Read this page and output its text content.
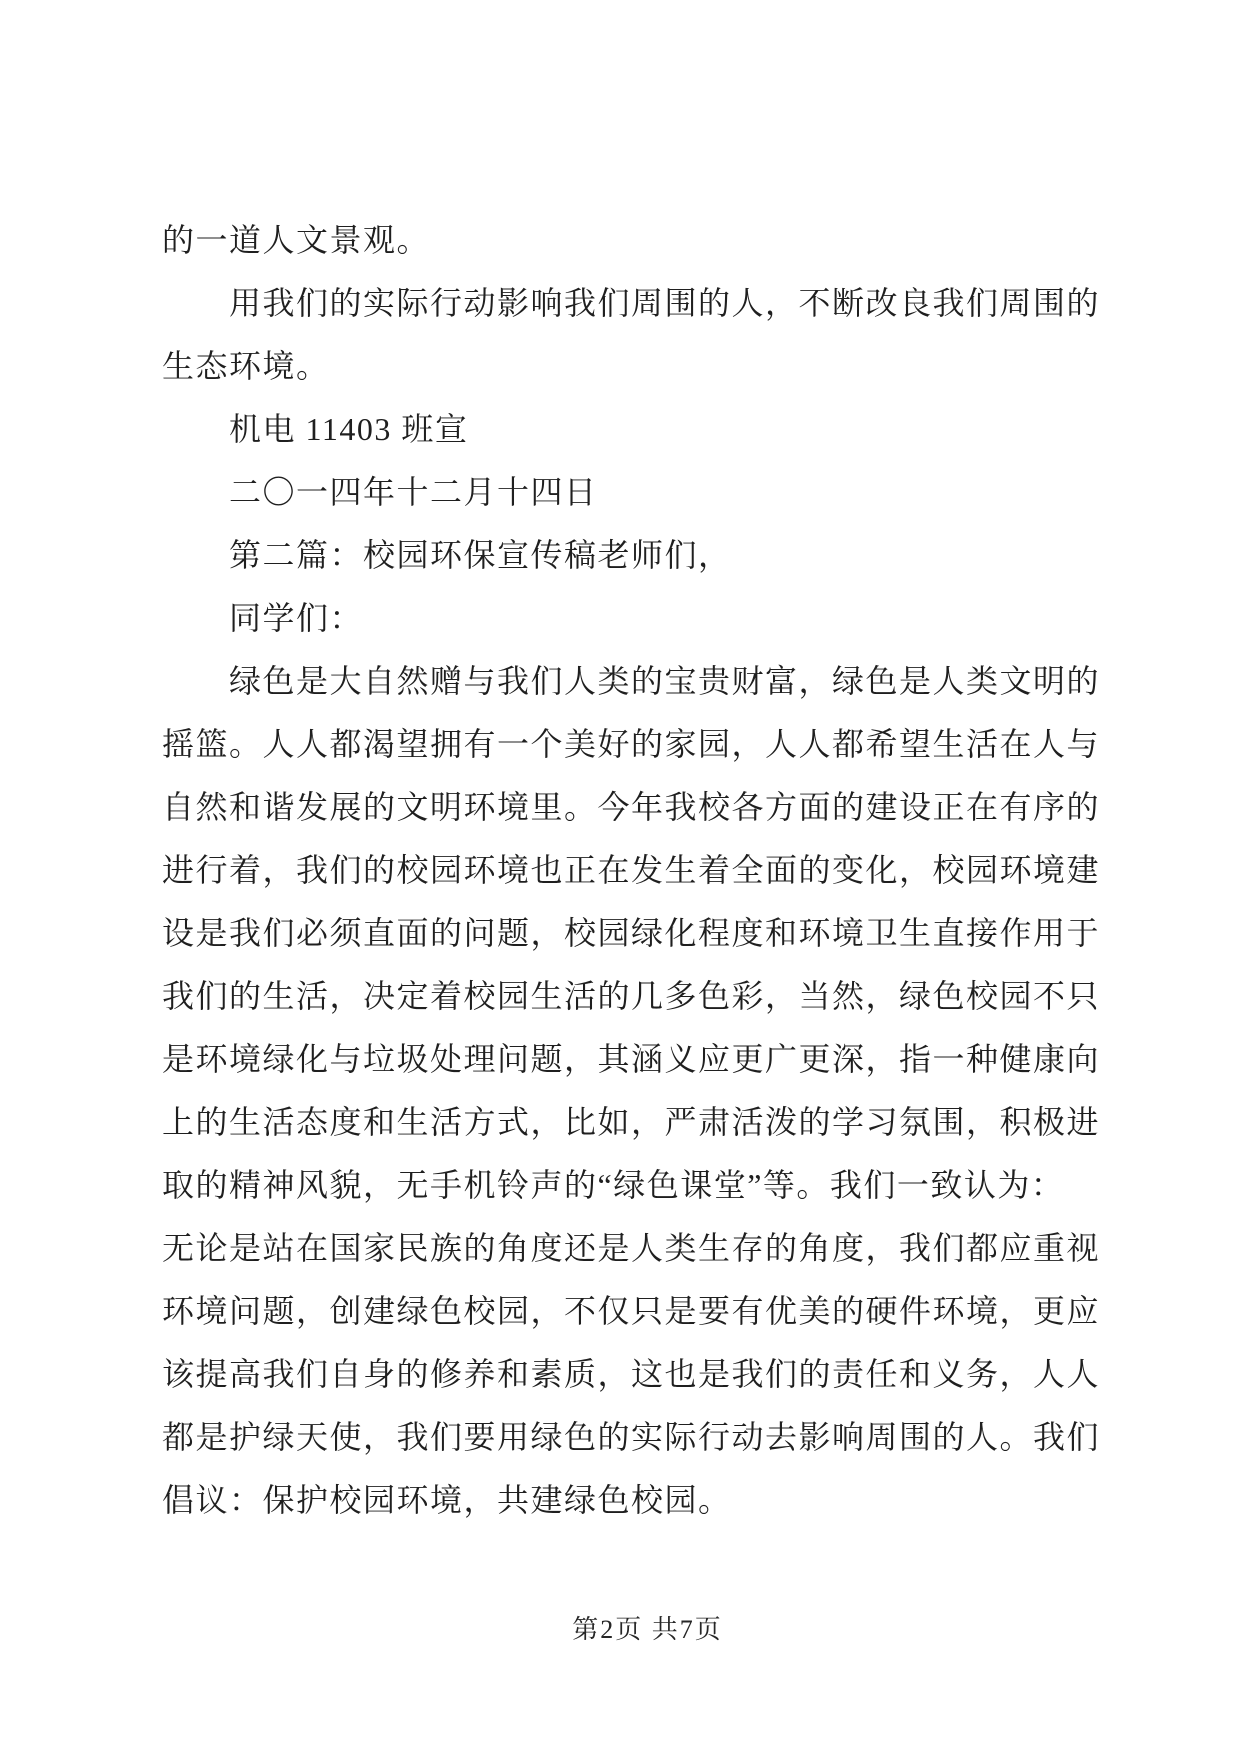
的一道人文景观。
用我们的实际行动影响我们周围的人，不断改良我们周围的
生态环境。
机电 11403 班宣
二〇一四年十二月十四日
第二篇：校园环保宣传稿老师们，
同学们：
绿色是大自然赠与我们人类的宝贵财富，绿色是人类文明的
摇篮。人人都渴望拥有一个美好的家园，人人都希望生活在人与
自然和谐发展的文明环境里。今年我校各方面的建设正在有序的
进行着，我们的校园环境也正在发生着全面的变化，校园环境建
设是我们必须直面的问题，校园绿化程度和环境卫生直接作用于
我们的生活，决定着校园生活的几多色彩，当然，绿色校园不只
是环境绿化与垃圾处理问题，其涵义应更广更深，指一种健康向
上的生活态度和生活方式，比如，严肃活泼的学习氛围，积极进
取的精神风貌，无手机铃声的“绿色课堂”等。我们一致认为：
无论是站在国家民族的角度还是人类生存的角度，我们都应重视
环境问题，创建绿色校园，不仅只是要有优美的硬件环境，更应
该提高我们自身的修养和素质，这也是我们的责任和义务，人人
都是护绿天使，我们要用绿色的实际行动去影响周围的人。我们
倡议：保护校园环境，共建绿色校园。
第2页 共7页
